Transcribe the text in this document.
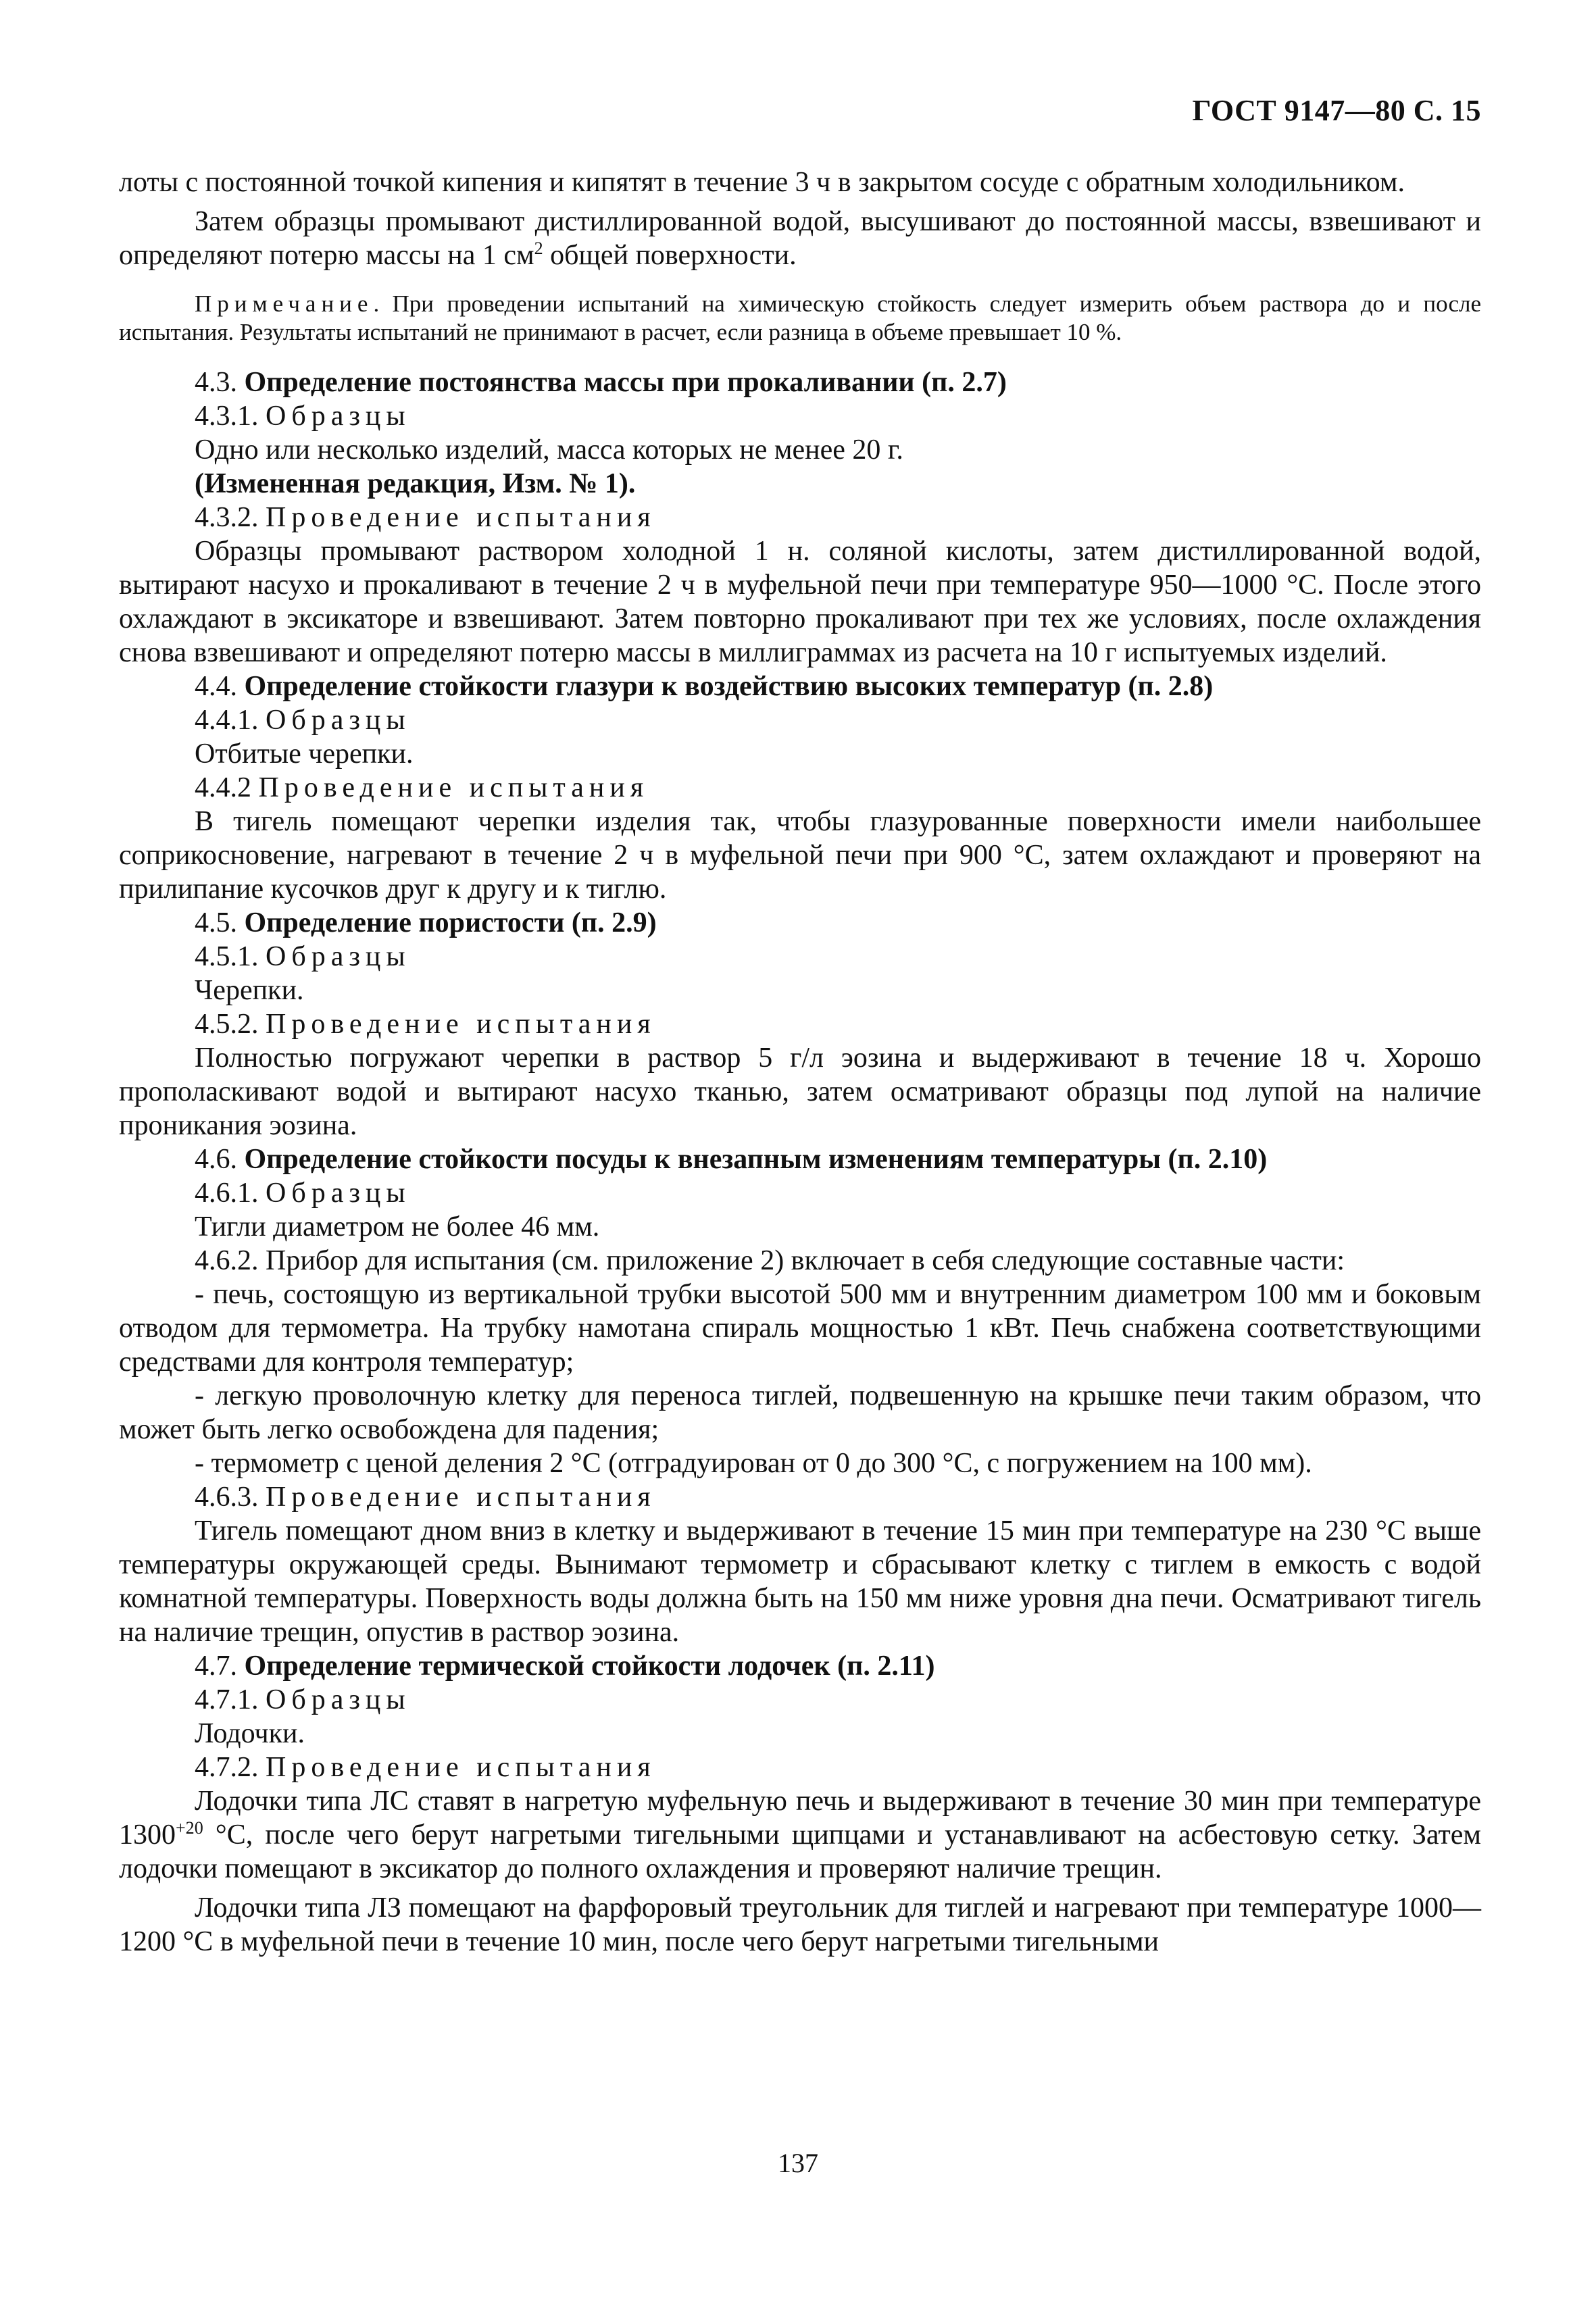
ГОСТ 9147—80 С. 15

лоты с постоянной точкой кипения и кипятят в течение 3 ч в закрытом сосуде с обратным холодильником.

Затем образцы промывают дистиллированной водой, высушивают до постоянной массы, взвешивают и определяют потерю массы на 1 $см^2$ общей поверхности.

Примечание. При проведении испытаний на химическую стойкость следует измерить объем раствора до и после испытания. Результаты испытаний не принимают в расчет, если разница в объеме превышает 10 %.

4.3. Определение постоянства массы при прокаливании (п. 2.7)

4.3.1. Образцы

Одно или несколько изделий, масса которых не менее 20 г.

(Измененная редакция, Изм. № 1).

4.3.2. Проведение испытания

Образцы промывают раствором холодной 1 н. соляной кислоты, затем дистиллированной водой, вытирают насухо и прокаливают в течение 2 ч в муфельной печи при температуре 950—1000 °С. После этого охлаждают в эксикаторе и взвешивают. Затем повторно прокаливают при тех же условиях, после охлаждения снова взвешивают и определяют потерю массы в миллиграммах из расчета на 10 г испытуемых изделий.

4.4. Определение стойкости глазури к воздействию высоких температур (п. 2.8)

4.4.1. Образцы

Отбитые черепки.

4.4.2 Проведение испытания

В тигель помещают черепки изделия так, чтобы глазурованные поверхности имели наибольшее соприкосновение, нагревают в течение 2 ч в муфельной печи при 900 °С, затем охлаждают и проверяют на прилипание кусочков друг к другу и к тиглю.

4.5. Определение пористости (п. 2.9)

4.5.1. Образцы

Черепки.

4.5.2. Проведение испытания

Полностью погружают черепки в раствор 5 г/л эозина и выдерживают в течение 18 ч. Хорошо прополаскивают водой и вытирают насухо тканью, затем осматривают образцы под лупой на наличие проникания эозина.

4.6. Определение стойкости посуды к внезапным изменениям температуры (п. 2.10)

4.6.1. Образцы

Тигли диаметром не более 46 мм.

4.6.2. Прибор для испытания (см. приложение 2) включает в себя следующие составные части:

- печь, состоящую из вертикальной трубки высотой 500 мм и внутренним диаметром 100 мм и боковым отводом для термометра. На трубку намотана спираль мощностью 1 кВт. Печь снабжена соответствующими средствами для контроля температур;

- легкую проволочную клетку для переноса тиглей, подвешенную на крышке печи таким образом, что может быть легко освобождена для падения;

- термометр с ценой деления 2 °С (отградуирован от 0 до 300 °С, с погружением на 100 мм).

4.6.3. Проведение испытания

Тигель помещают дном вниз в клетку и выдерживают в течение 15 мин при температуре на 230 °С выше температуры окружающей среды. Вынимают термометр и сбрасывают клетку с тиглем в емкость с водой комнатной температуры. Поверхность воды должна быть на 150 мм ниже уровня дна печи. Осматривают тигель на наличие трещин, опустив в раствор эозина.

4.7. Определение термической стойкости лодочек (п. 2.11)

4.7.1. Образцы

Лодочки.

4.7.2. Проведение испытания

Лодочки типа ЛС ставят в нагретую муфельную печь и выдерживают в течение 30 мин при температуре $1300^{+20}$ °С, после чего берут нагретыми тигельными щипцами и устанавливают на асбестовую сетку. Затем лодочки помещают в эксикатор до полного охлаждения и проверяют наличие трещин.

Лодочки типа ЛЗ помещают на фарфоровый треугольник для тиглей и нагревают при температуре 1000—1200 °С в муфельной печи в течение 10 мин, после чего берут нагретыми тигельными

137
